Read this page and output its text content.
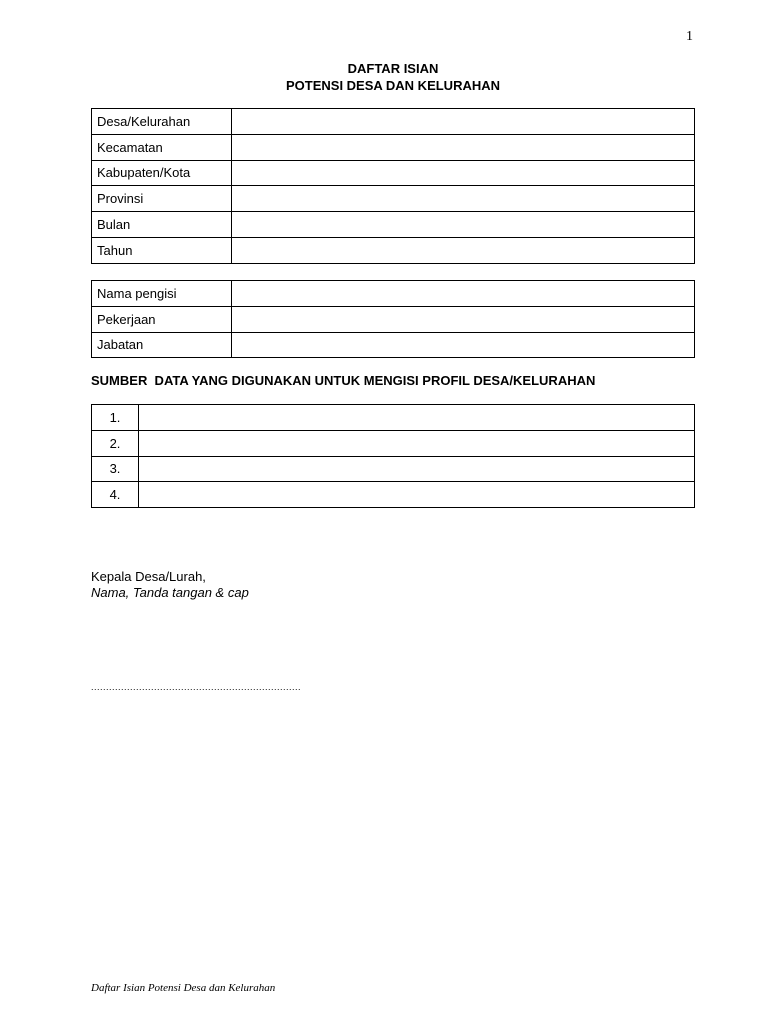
1
DAFTAR ISIAN
POTENSI DESA DAN KELURAHAN
Desa/Kelurahan	
Kecamatan	
Kabupaten/Kota	
Provinsi	
Bulan	
Tahun	
Nama pengisi	
Pekerjaan	
Jabatan	
SUMBER  DATA YANG DIGUNAKAN UNTUK MENGISI PROFIL DESA/KELURAHAN
1.	
2.	
3.	
4.	
Kepala Desa/Lurah,
Nama, Tanda tangan & cap
......................................................................
Daftar Isian Potensi Desa dan Kelurahan
